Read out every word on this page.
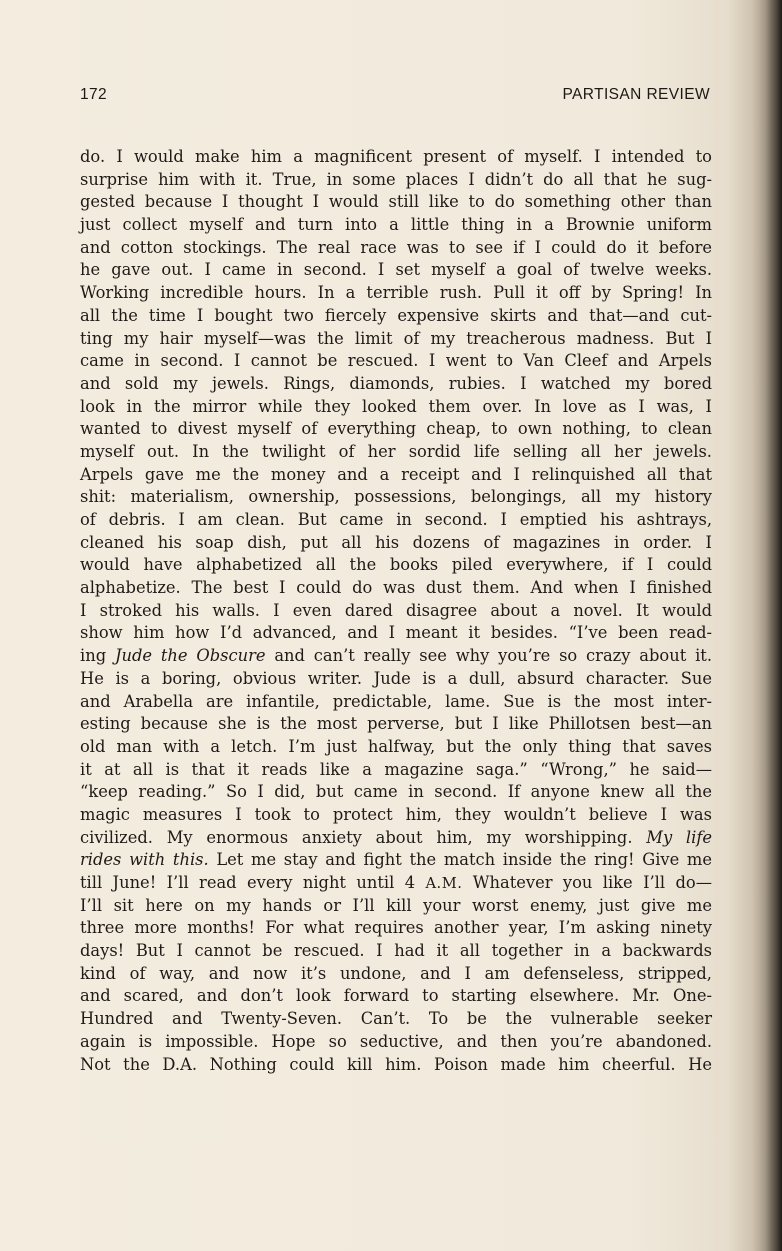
172	PARTISAN REVIEW
do. I would make him a magnificent present of myself. I intended to
surprise him with it. True, in some places I didn’t do all that he sug-
gested because I thought I would still like to do something other than
just collect myself and turn into a little thing in a Brownie uniform
and cotton stockings. The real race was to see if I could do it before
he gave out. I came in second. I set myself a goal of twelve weeks.
Working incredible hours. In a terrible rush. Pull it off by Spring! In
all the time I bought two fiercely expensive skirts and that—and cut-
ting my hair myself—was the limit of my treacherous madness. But I
came in second. I cannot be rescued. I went to Van Cleef and Arpels
and sold my jewels. Rings, diamonds, rubies. I watched my bored
look in the mirror while they looked them over. In love as I was, I
wanted to divest myself of everything cheap, to own nothing, to clean
myself out. In the twilight of her sordid life selling all her jewels.
Arpels gave me the money and a receipt and I relinquished all that
shit: materialism, ownership, possessions, belongings, all my history
of debris. I am clean. But came in second. I emptied his ashtrays,
cleaned his soap dish, put all his dozens of magazines in order. I
would have alphabetized all the books piled everywhere, if I could
alphabetize. The best I could do was dust them. And when I finished
I stroked his walls. I even dared disagree about a novel. It would
show him how I’d advanced, and I meant it besides. “I’ve been read-
ing Jude the Obscure and can’t really see why you’re so crazy about it.
He is a boring, obvious writer. Jude is a dull, absurd character. Sue
and Arabella are infantile, predictable, lame. Sue is the most inter-
esting because she is the most perverse, but I like Phillotsen best—an
old man with a letch. I’m just halfway, but the only thing that saves
it at all is that it reads like a magazine saga.” “Wrong,” he said—
“keep reading.” So I did, but came in second. If anyone knew all the
magic measures I took to protect him, they wouldn’t believe I was
civilized. My enormous anxiety about him, my worshipping. My life
rides with this. Let me stay and fight the match inside the ring! Give me
till June! I’ll read every night until 4 A.M. Whatever you like I’ll do—
I’ll sit here on my hands or I’ll kill your worst enemy, just give me
three more months! For what requires another year, I’m asking ninety
days! But I cannot be rescued. I had it all together in a backwards
kind of way, and now it’s undone, and I am defenseless, stripped,
and scared, and don’t look forward to starting elsewhere. Mr. One-
Hundred and Twenty-Seven. Can’t. To be the vulnerable seeker
again is impossible. Hope so seductive, and then you’re abandoned.
Not the D.A. Nothing could kill him. Poison made him cheerful. He
